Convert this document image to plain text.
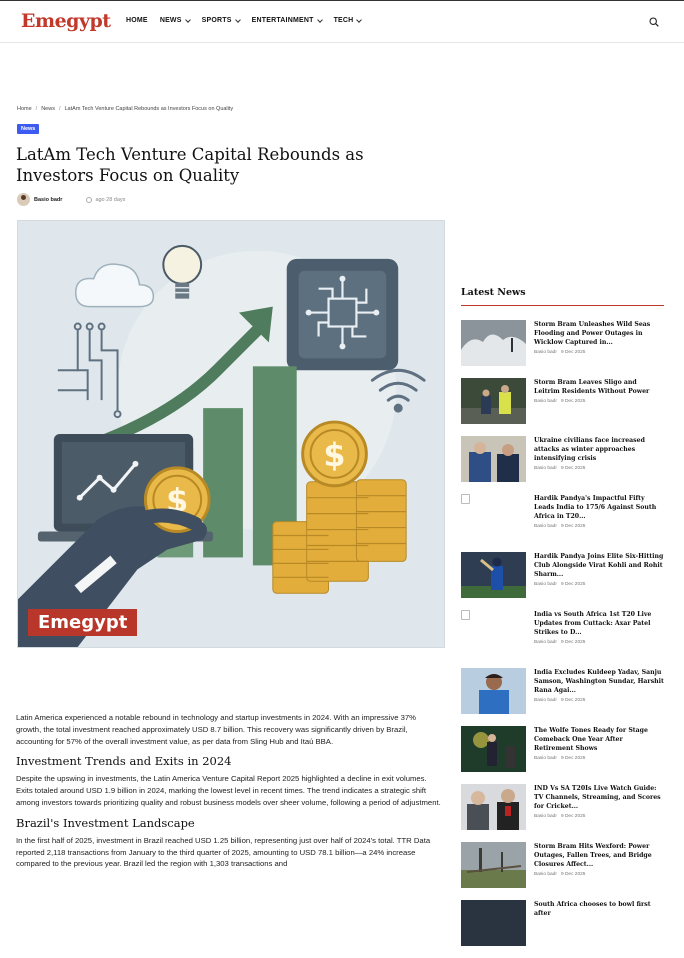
Emegypt HOME NEWS	SPORTS	ENTERTAINMENT	TECH
Home / News / LatAm Tech Venture Capital Rebounds as Investors Focus on Quality
News
LatAm Tech Venture Capital Rebounds as Investors Focus on Quality
Basio badr	ago 28 days
$
$
Emegypt

Latin America experienced a notable rebound in technology and startup investments in 2024. With an impressive 37% growth, the total investment reached approximately USD 8.7 billion. This recovery was significantly driven by Brazil, accounting for 57% of the overall investment value, as per data from Sling Hub and Itaú BBA.

Investment Trends and Exits in 2024

Despite the upswing in investments, the Latin America Venture Capital Report 2025 highlighted a decline in exit volumes. Exits totaled around USD 1.9 billion in 2024, marking the lowest level in recent times. The trend indicates a strategic shift among investors towards prioritizing quality and robust business models over sheer volume, following a period of adjustment.

Brazil's Investment Landscape

In the first half of 2025, investment in Brazil reached USD 1.25 billion, representing just over half of 2024's total. TTR Data reported 2,118 transactions from January to the third quarter of 2025, amounting to USD 78.1 billion—a 24% increase compared to the previous year. Brazil led the region with 1,303 transactions and

Latest News
Storm Bram Unleashes Wild Seas Flooding and Power Outages in Wicklow Captured in...
Basio badr 9 Dec 2025
Storm Bram Leaves Sligo and Leitrim Residents Without Power
Basio badr 9 Dec 2025
Ukraine civilians face increased attacks as winter approaches intensifying crisis
Basio badr 9 Dec 2025
Hardik Pandya's Impactful Fifty Leads India to 175/6 Against South Africa in T20...
Basio badr 9 Dec 2025
Hardik Pandya Joins Elite Six-Hitting Club Alongside Virat Kohli and Rohit Sharm...
Basio badr 9 Dec 2025
India vs South Africa 1st T20 Live Updates from Cuttack: Axar Patel Strikes to D...
Basio badr 9 Dec 2025
India Excludes Kuldeep Yadav, Sanju Samson, Washington Sundar, Harshit Rana Agai...
Basio badr 9 Dec 2025
The Wolfe Tones Ready for Stage Comeback One Year After Retirement Shows
Basio badr 9 Dec 2025
IND Vs SA T20Is Live Watch Guide: TV Channels, Streaming, and Scores for Cricket...
Basio badr 9 Dec 2025
Storm Bram Hits Wexford: Power Outages, Fallen Trees, and Bridge Closures Affect...
Basio badr 9 Dec 2025
South Africa chooses to bowl first after
